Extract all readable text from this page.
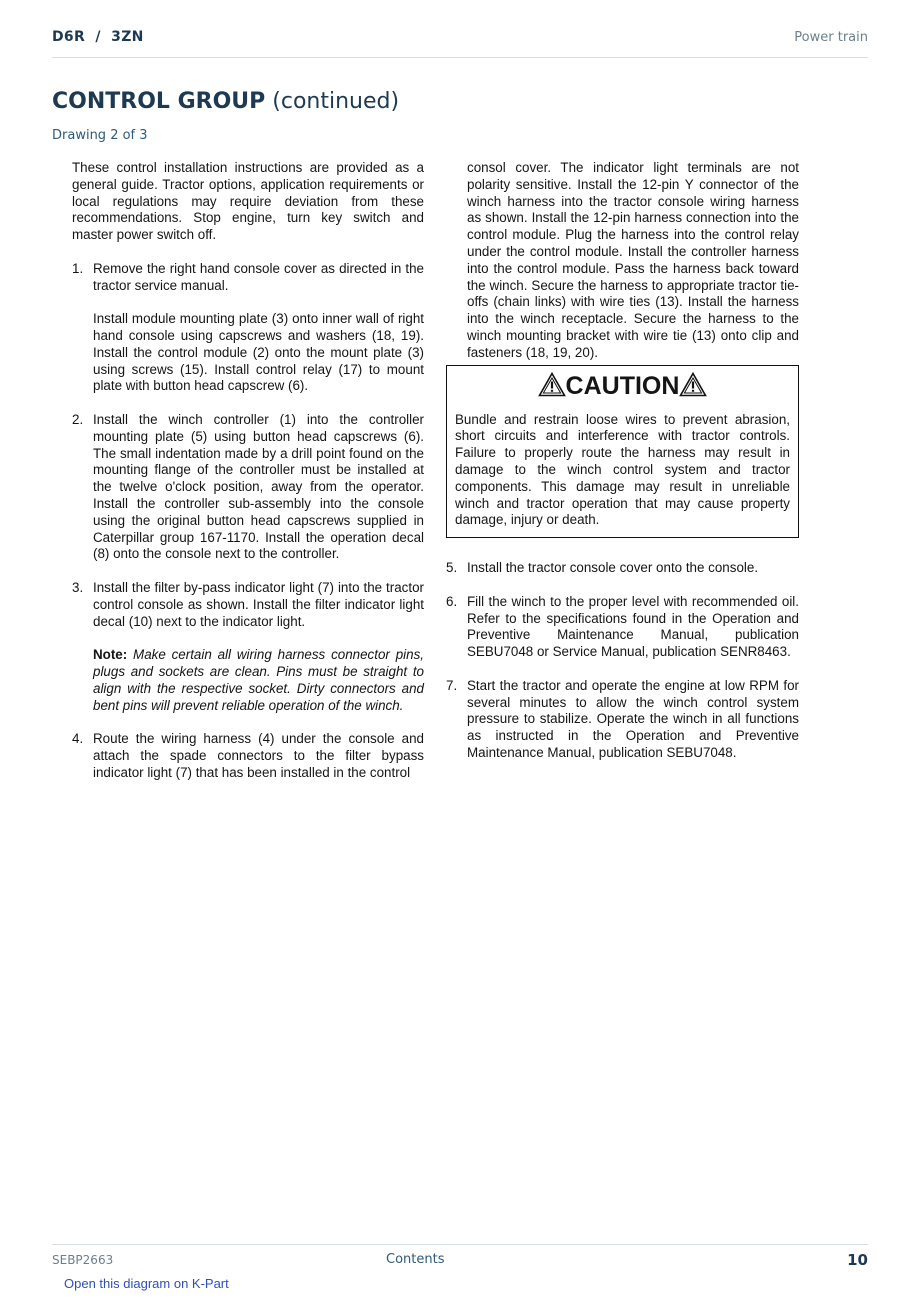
D6R  /  3ZN	Power train
CONTROL GROUP (continued)
Drawing 2 of 3

These control installation instructions are provided as a general guide. Tractor options, application requirements or local regulations may require deviation from these recommendations. Stop engine, turn key switch and master power switch off.

1. Remove the right hand console cover as directed in the tractor service manual.

Install module mounting plate (3) onto inner wall of right hand console using capscrews and washers (18, 19). Install the control module (2) onto the mount plate (3) using screws (15). Install control relay (17) to mount plate with button head capscrew (6).

2. Install the winch controller (1) into the controller mounting plate (5) using button head capscrews (6). The small indentation made by a drill point found on the mounting flange of the controller must be installed at the twelve o'clock position, away from the operator. Install the controller sub-assembly into the console using the original button head capscrews supplied in Caterpillar group 167-1170. Install the operation decal (8) onto the console next to the controller.

3. Install the filter by-pass indicator light (7) into the tractor control console as shown. Install the filter indicator light decal (10) next to the indicator light.

Note: Make certain all wiring harness connector pins, plugs and sockets are clean. Pins must be straight to align with the respective socket. Dirty connectors and bent pins will prevent reliable operation of the winch.

4. Route the wiring harness (4) under the console and attach the spade connectors to the filter bypass indicator light (7) that has been installed in the control

consol cover. The indicator light terminals are not polarity sensitive. Install the 12-pin Y connector of the winch harness into the tractor console wiring harness as shown. Install the 12-pin harness connection into the control module. Plug the harness into the control relay under the control module. Install the controller harness into the control module. Pass the harness back toward the winch. Secure the harness to appropriate tractor tie-offs (chain links) with wire ties (13). Install the harness into the winch receptacle. Secure the harness to the winch mounting bracket with wire tie (13) onto clip and fasteners (18, 19, 20).

CAUTION

Bundle and restrain loose wires to prevent abrasion, short circuits and interference with tractor controls. Failure to properly route the harness may result in damage to the winch control system and tractor components. This damage may result in unreliable winch and tractor operation that may cause property damage, injury or death.

5. Install the tractor console cover onto the console.

6. Fill the winch to the proper level with recommended oil. Refer to the specifications found in the Operation and Preventive Maintenance Manual, publication SEBU7048 or Service Manual, publication SENR8463.

7. Start the tractor and operate the engine at low RPM for several minutes to allow the winch control system pressure to stabilize. Operate the winch in all functions as instructed in the Operation and Preventive Maintenance Manual, publication SEBU7048.

SEBP2663	Contents	10
Open this diagram on K-Part
